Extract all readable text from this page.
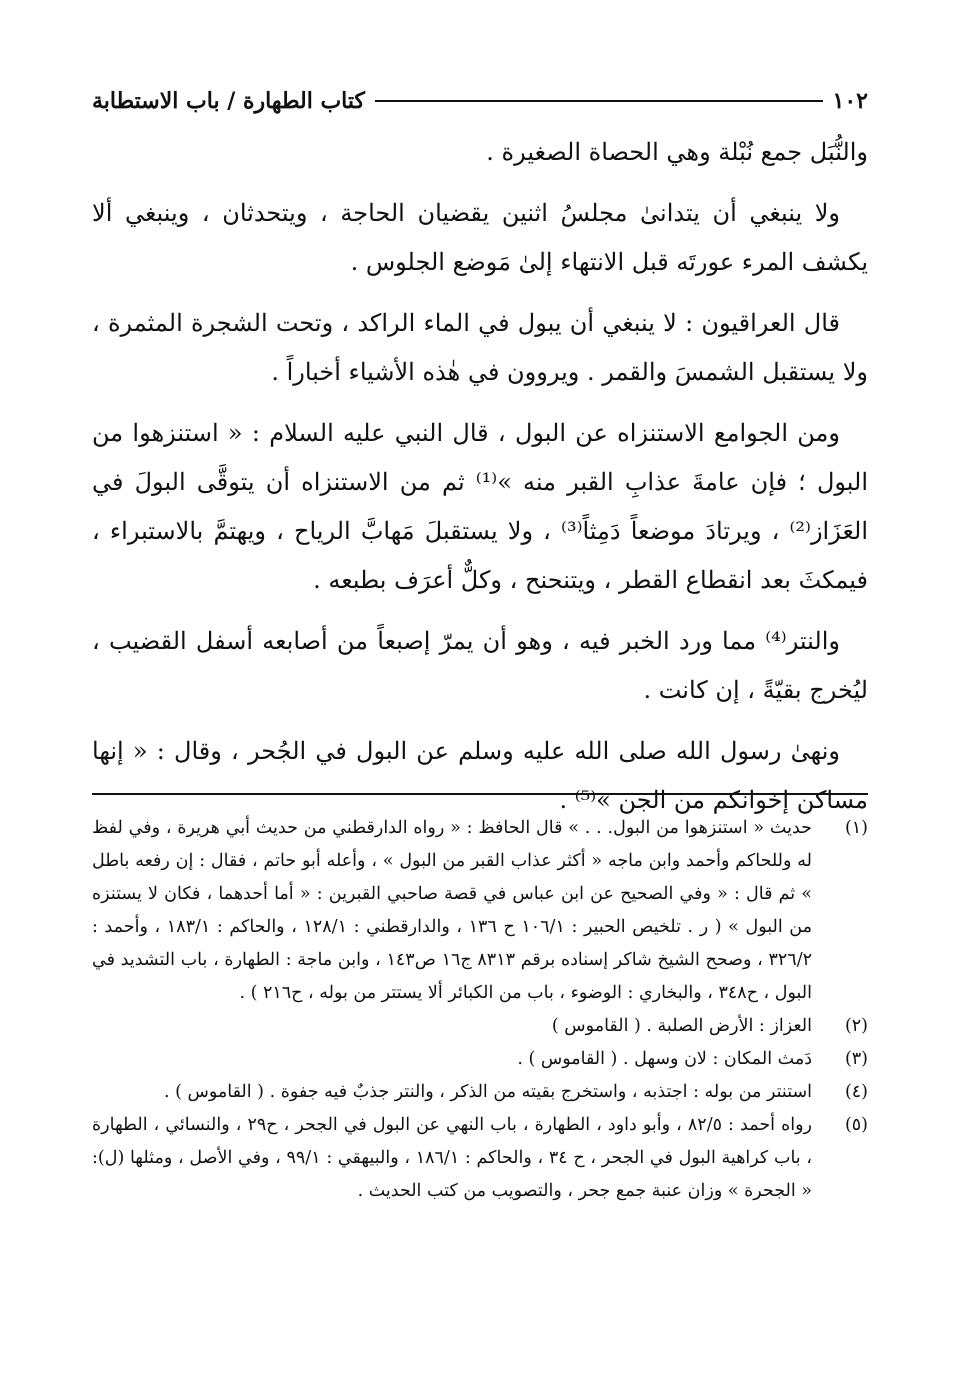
١٠٢
كتاب الطهارة / باب الاستطابة

والنُّبَل جمع نُبْلة وهي الحصاة الصغيرة .

ولا ينبغي أن يتدانىٰ مجلسُ اثنين يقضيان الحاجة ، ويتحدثان ، وينبغي ألا يكشف المرء عورتَه قبل الانتهاء إلىٰ مَوضع الجلوس .

قال العراقيون : لا ينبغي أن يبول في الماء الراكد ، وتحت الشجرة المثمرة ، ولا يستقبل الشمسَ والقمر . ويروون في هٰذه الأشياء أخباراً .

ومن الجوامع الاستنزاه عن البول ، قال النبي عليه السلام : « استنزهوا من البول ؛ فإن عامةَ عذابِ القبر منه »⁽¹⁾ ثم من الاستنزاه أن يتوقَّى البولَ في العَزَاز⁽²⁾ ، ويرتادَ موضعاً دَمِثاً⁽³⁾ ، ولا يستقبلَ مَهابَّ الرياح ، ويهتمَّ بالاستبراء ، فيمكثَ بعد انقطاع القطر ، ويتنحنح ، وكلٌّ أعرَف بطبعه .

والنتر⁽⁴⁾ مما ورد الخبر فيه ، وهو أن يمرّ إصبعاً من أصابعه أسفل القضيب ، ليُخرج بقيّةً ، إن كانت .

ونهىٰ رسول الله صلى الله عليه وسلم عن البول في الجُحر ، وقال : « إنها مساكن إخوانكم من الجن »⁽⁵⁾ .

(١)
حديث « استنزهوا من البول. . . » قال الحافظ : « رواه الدارقطني من حديث أبي هريرة ، وفي لفظ له وللحاكم وأحمد وابن ماجه « أكثر عذاب القبر من البول » ، وأعله أبو حاتم ، فقال : إن رفعه باطل » ثم قال : « وفي الصحيح عن ابن عباس في قصة صاحبي القبرين : « أما أحدهما ، فكان لا يستنزه من البول » ( ر . تلخيص الحبير : ١٠٦/١ ح ١٣٦ ، والدارقطني : ١٢٨/١ ، والحاكم : ١٨٣/١ ، وأحمد : ٣٢٦/٢ ، وصحح الشيخ شاكر إسناده برقم ٨٣١٣ ج١٦ ص١٤٣ ، وابن ماجة : الطهارة ، باب التشديد في البول ، ح٣٤٨ ، والبخاري : الوضوء ، باب من الكبائر ألا يستتر من بوله ، ح٢١٦ ) .
(٢)
العزاز : الأرض الصلبة . ( القاموس )
(٣)
دَمث المكان : لان وسهل . ( القاموس ) .
(٤)
استنتر من بوله : اجتذبه ، واستخرج بقيته من الذكر ، والنتر جذبٌ فيه جفوة . ( القاموس ) .
(٥)
رواه أحمد : ٨٢/٥ ، وأبو داود ، الطهارة ، باب النهي عن البول في الجحر ، ح٢٩ ، والنسائي ، الطهارة ، باب كراهية البول في الجحر ، ح ٣٤ ، والحاكم : ١٨٦/١ ، والبيهقي : ٩٩/١ ، وفي الأصل ، ومثلها (ل): « الجحرة » وزان عنبة جمع جحر ، والتصويب من كتب الحديث .
